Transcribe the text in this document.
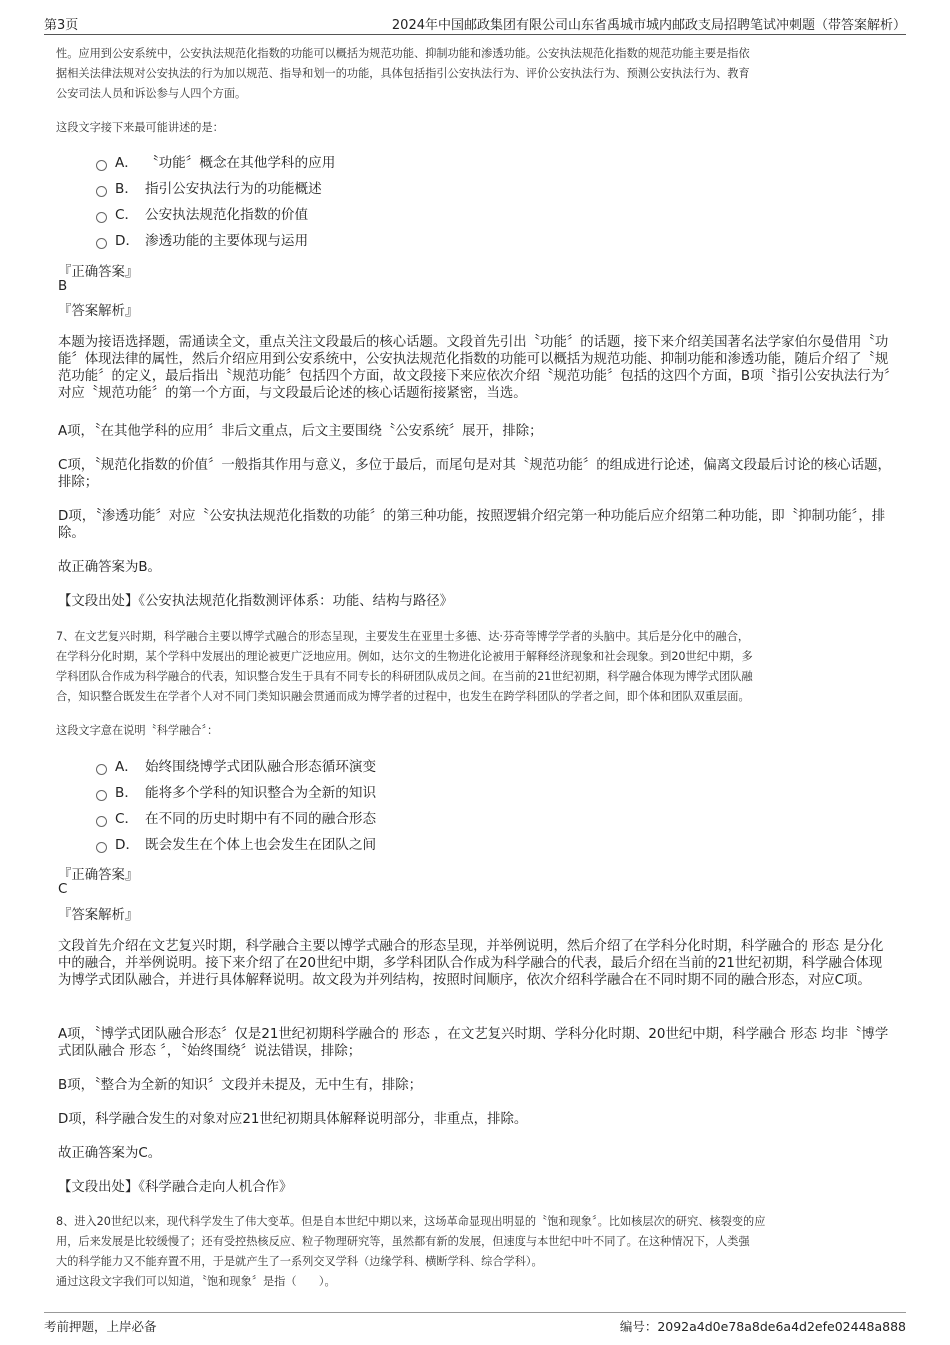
第3页	2024年中国邮政集团有限公司山东省禹城市城内邮政支局招聘笔试冲刺题（带答案解析）
性。应用到公安系统中，公安执法规范化指数的功能可以概括为规范功能、抑制功能和渗透功能。公安执法规范化指数的规范功能主要是指依
据相关法律法规对公安执法的行为加以规范、指导和划一的功能，具体包括指引公安执法行为、评价公安执法行为、预测公安执法行为、教育
公安司法人员和诉讼参与人四个方面。
这段文字接下来最可能讲述的是：
A． 〝功能〞概念在其他学科的应用
B． 指引公安执法行为的功能概述
C． 公安执法规范化指数的价值
D． 渗透功能的主要体现与运用
『正确答案』
B
『答案解析』
本题为接语选择题，需通读全文，重点关注文段最后的核心话题。文段首先引出〝功能〞的话题，接下来介绍美国著名法学家伯尔曼借用〝功能〞体现法律的属性，然后介绍应用到公安系统中，公安执法规范化指数的功能可以概括为规范功能、抑制功能和渗透功能，随后介绍了〝规范功能〞的定义，最后指出〝规范功能〞包括四个方面，故文段接下来应依次介绍〝规范功能〞包括的这四个方面，B项〝指引公安执法行为〞对应〝规范功能〞的第一个方面，与文段最后论述的核心话题衔接紧密，当选。
A项，〝在其他学科的应用〞非后文重点，后文主要围绕〝公安系统〞展开，排除；
C项，〝规范化指数的价值〞一般指其作用与意义，多位于最后，而尾句是对其〝规范功能〞的组成进行论述，偏离文段最后讨论的核心话题，排除；
D项，〝渗透功能〞对应〝公安执法规范化指数的功能〞的第三种功能，按照逻辑介绍完第一种功能后应介绍第二种功能，即〝抑制功能〞，排除。
故正确答案为B。
【文段出处】《公安执法规范化指数测评体系：功能、结构与路径》
7、在文艺复兴时期，科学融合主要以博学式融合的形态呈现，主要发生在亚里士多德、达·芬奇等博学学者的头脑中。其后是分化中的融合，
在学科分化时期，某个学科中发展出的理论被更广泛地应用。例如，达尔文的生物进化论被用于解释经济现象和社会现象。到20世纪中期，多
学科团队合作成为科学融合的代表，知识整合发生于具有不同专长的科研团队成员之间。在当前的21世纪初期，科学融合体现为博学式团队融
合，知识整合既发生在学者个人对不同门类知识融会贯通而成为博学者的过程中，也发生在跨学科团队的学者之间，即个体和团队双重层面。
这段文字意在说明〝科学融合〞：
A． 始终围绕博学式团队融合形态循环演变
B． 能将多个学科的知识整合为全新的知识
C． 在不同的历史时期中有不同的融合形态
D． 既会发生在个体上也会发生在团队之间
『正确答案』
C
『答案解析』
文段首先介绍在文艺复兴时期，科学融合主要以博学式融合的形态呈现，并举例说明，然后介绍了在学科分化时期，科学融合的 形态 是分化中的融合，并举例说明。接下来介绍了在20世纪中期，多学科团队合作成为科学融合的代表，最后介绍在当前的21世纪初期，科学融合体现为博学式团队融合，并进行具体解释说明。故文段为并列结构，按照时间顺序，依次介绍科学融合在不同时期不同的融合形态，对应C项。
A项，〝博学式团队融合形态〞仅是21世纪初期科学融合的 形态 ，在文艺复兴时期、学科分化时期、20世纪中期，科学融合 形态 均非〝博学式团队融合 形态 〞，〝始终围绕〞说法错误，排除；
B项，〝整合为全新的知识〞文段并未提及，无中生有，排除；
D项，科学融合发生的对象对应21世纪初期具体解释说明部分，非重点，排除。
故正确答案为C。
【文段出处】《科学融合走向人机合作》
8、进入20世纪以来，现代科学发生了伟大变革。但是自本世纪中期以来，这场革命显现出明显的〝饱和现象〞。比如核层次的研究、核裂变的应
用，后来发展是比较缓慢了；还有受控热核反应、粒子物理研究等，虽然都有新的发展，但速度与本世纪中叶不同了。在这种情况下，人类强
大的科学能力又不能弃置不用，于是就产生了一系列交叉学科（边缘学科、横断学科、综合学科）。
通过这段文字我们可以知道，〝饱和现象〞是指（　　）。
考前押题，上岸必备	编号：2092a4d0e78a8de6a4d2efe02448a888
